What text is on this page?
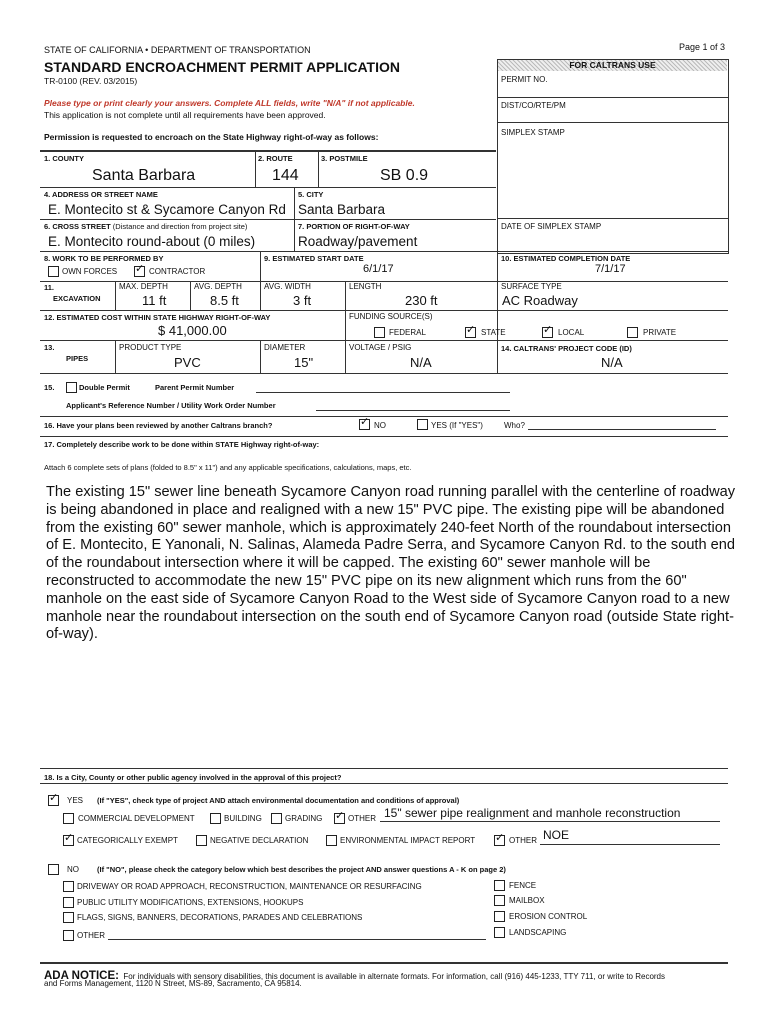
Page 1 of 3
STATE OF CALIFORNIA • DEPARTMENT OF TRANSPORTATION
STANDARD ENCROACHMENT PERMIT APPLICATION
TR-0100 (REV. 03/2015)
Please type or print clearly your answers. Complete ALL fields, write "N/A" if not applicable.
This application is not complete until all requirements have been approved.
Permission is requested to encroach on the State Highway right-of-way as follows:
FOR CALTRANS USE
PERMIT NO.
DIST/CO/RTE/PM
SIMPLEX STAMP
DATE OF SIMPLEX STAMP
1. COUNTY
Santa Barbara
2. ROUTE
144
3. POSTMILE
SB 0.9
4. ADDRESS OR STREET NAME
E. Montecito st & Sycamore Canyon Rd
5. CITY
Santa Barbara
6. CROSS STREET (Distance and direction from project site)
E. Montecito round-about (0 miles)
7. PORTION OF RIGHT-OF-WAY
Roadway/pavement
8. WORK TO BE PERFORMED BY
OWN FORCES ✓ CONTRACTOR
9. ESTIMATED START DATE
6/1/17
10. ESTIMATED COMPLETION DATE
7/1/17
11.
EXCAVATION
MAX. DEPTH
11 ft
AVG. DEPTH
8.5 ft
AVG. WIDTH
3 ft
LENGTH
230 ft
SURFACE TYPE
AC Roadway
12. ESTIMATED COST WITHIN STATE HIGHWAY RIGHT-OF-WAY
$ 41,000.00
FUNDING SOURCE(S)
FEDERAL	✓ STATE	✓ LOCAL	PRIVATE
13.
PIPES
PRODUCT TYPE
PVC
DIAMETER
15"
VOLTAGE / PSIG
N/A
14. CALTRANS' PROJECT CODE (ID)
N/A
15.	Double Permit	Parent Permit Number
Applicant's Reference Number / Utility Work Order Number
16. Have your plans been reviewed by another Caltrans branch?	✓ NO	YES (If "YES")	Who?
17. Completely describe work to be done within STATE Highway right-of-way:
Attach 6 complete sets of plans (folded to 8.5" x 11") and any applicable specifications, calculations, maps, etc.
The existing 15" sewer line beneath Sycamore Canyon road running parallel with the centerline of roadway is being abandoned in place and realigned with a new 15" PVC pipe. The existing pipe will be abandoned from the existing 60" sewer manhole, which is approximately 240-feet North of the roundabout intersection of E. Montecito, E Yanonali, N. Salinas, Alameda Padre Serra, and Sycamore Canyon Rd. to the south end of the roundabout intersection where it will be capped. The existing 60" sewer manhole will be reconstructed to accommodate the new 15" PVC pipe on its new alignment which runs from the 60" manhole on the east side of Sycamore Canyon Road to the West side of Sycamore Canyon road to a new manhole near the roundabout intersection on the south end of Sycamore Canyon road (outside State right-of-way).
18. Is a City, County or other public agency involved in the approval of this project?
✓ YES (If "YES", check type of project AND attach environmental documentation and conditions of approval)
COMMERCIAL DEVELOPMENT	BUILDING	GRADING ✓ OTHER 15" sewer pipe realignment and manhole reconstruction
✓ CATEGORICALLY EXEMPT	NEGATIVE DECLARATION	ENVIRONMENTAL IMPACT REPORT ✓ OTHER NOE
NO (If "NO", please check the category below which best describes the project AND answer questions A - K on page 2)
DRIVEWAY OR ROAD APPROACH, RECONSTRUCTION, MAINTENANCE OR RESURFACING
PUBLIC UTILITY MODIFICATIONS, EXTENSIONS, HOOKUPS
FLAGS, SIGNS, BANNERS, DECORATIONS, PARADES AND CELEBRATIONS
OTHER
FENCE
MAILBOX
EROSION CONTROL
LANDSCAPING
ADA NOTICE: For individuals with sensory disabilities, this document is available in alternate formats. For information, call (916) 445-1233, TTY 711, or write to Records
and Forms Management, 1120 N Street, MS-89, Sacramento, CA 95814.
